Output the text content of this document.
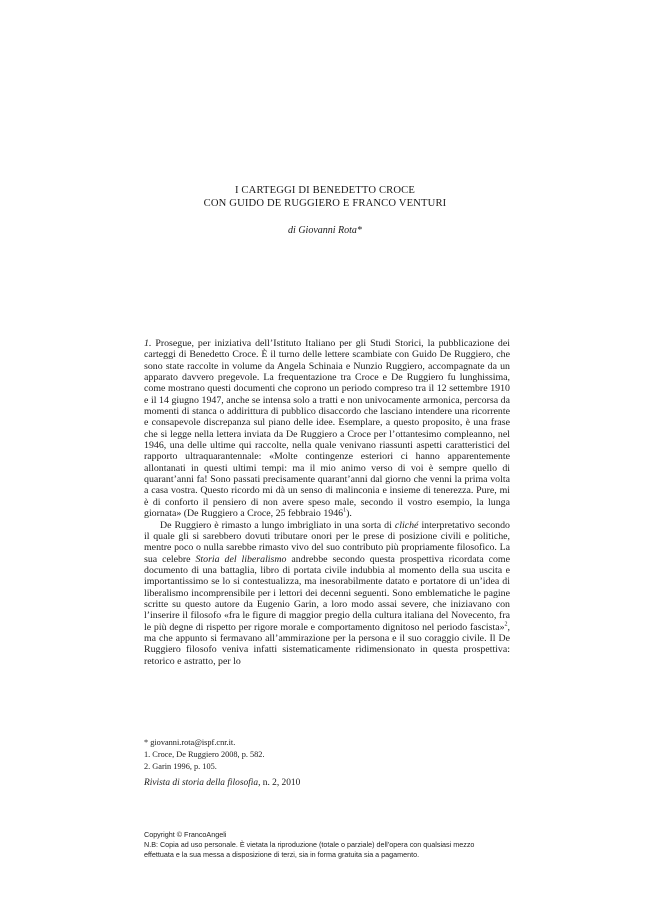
I CARTEGGI DI BENEDETTO CROCE
CON GUIDO DE RUGGIERO E FRANCO VENTURI
di Giovanni Rota*

1. Prosegue, per iniziativa dell’Istituto Italiano per gli Studi Storici, la pubblicazione dei carteggi di Benedetto Croce. È il turno delle lettere scambiate con Guido De Ruggiero, che sono state raccolte in volume da Angela Schinaia e Nunzio Ruggiero, accompagnate da un apparato davvero pregevole. La frequentazione tra Croce e De Ruggiero fu lunghissima, come mostrano questi documenti che coprono un periodo compreso tra il 12 settembre 1910 e il 14 giugno 1947, anche se intensa solo a tratti e non univocamente armonica, percorsa da momenti di stanca o addirittura di pubblico disaccordo che lasciano intendere una ricorrente e consapevole discrepanza sul piano delle idee. Esemplare, a questo proposito, è una frase che si legge nella lettera inviata da De Ruggiero a Croce per l’ottantesimo compleanno, nel 1946, una delle ultime qui raccolte, nella quale venivano riassunti aspetti caratteristici del rapporto ultraquarantennale: «Molte contingenze esteriori ci hanno apparentemente allontanati in questi ultimi tempi: ma il mio animo verso di voi è sempre quello di quarant’anni fa! Sono passati precisamente quarant’anni dal giorno che venni la prima volta a casa vostra. Questo ricordo mi dà un senso di malinconia e insieme di tenerezza. Pure, mi è di conforto il pensiero di non avere speso male, secondo il vostro esempio, la lunga giornata» (De Ruggiero a Croce, 25 febbraio 1946$^1$).

De Ruggiero è rimasto a lungo imbrigliato in una sorta di cliché interpretativo secondo il quale gli si sarebbero dovuti tributare onori per le prese di posizione civili e politiche, mentre poco o nulla sarebbe rimasto vivo del suo contributo più propriamente filosofico. La sua celebre Storia del liberalismo andrebbe secondo questa prospettiva ricordata come documento di una battaglia, libro di portata civile indubbia al momento della sua uscita e importantissimo se lo si contestualizza, ma inesorabilmente datato e portatore di un’idea di liberalismo incomprensibile per i lettori dei decenni seguenti. Sono emblematiche le pagine scritte su questo autore da Eugenio Garin, a loro modo assai severe, che iniziavano con l’inserire il filosofo «fra le figure di maggior pregio della cultura italiana del Novecento, fra le più degne di rispetto per rigore morale e comportamento dignitoso nel periodo fascista»$^2$, ma che appunto si fermavano all’ammirazione per la persona e il suo coraggio civile. Il De Ruggiero filosofo veniva infatti sistematicamente ridimensionato in questa prospettiva: retorico e astratto, per lo

* giovanni.rota@ispf.cnr.it.
1. Croce, De Ruggiero 2008, p. 582.
2. Garin 1996, p. 105.
Rivista di storia della filosofia, n. 2, 2010
Copyright © FrancoAngeli
N.B: Copia ad uso personale. È vietata la riproduzione (totale o parziale) dell’opera con qualsiasi mezzo
effettuata e la sua messa a disposizione di terzi, sia in forma gratuita sia a pagamento.
